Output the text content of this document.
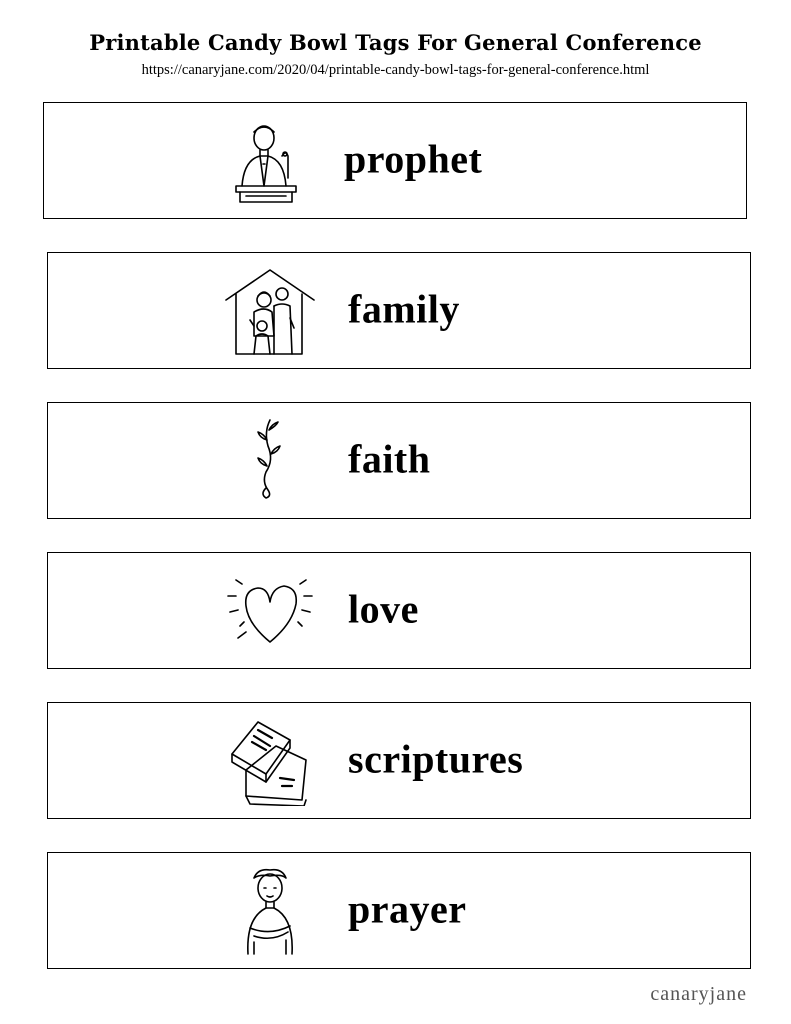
Printable Candy Bowl Tags For General Conference
https://canaryjane.com/2020/04/printable-candy-bowl-tags-for-general-conference.html
prophet
family
faith
love
scriptures
prayer
canaryjane
